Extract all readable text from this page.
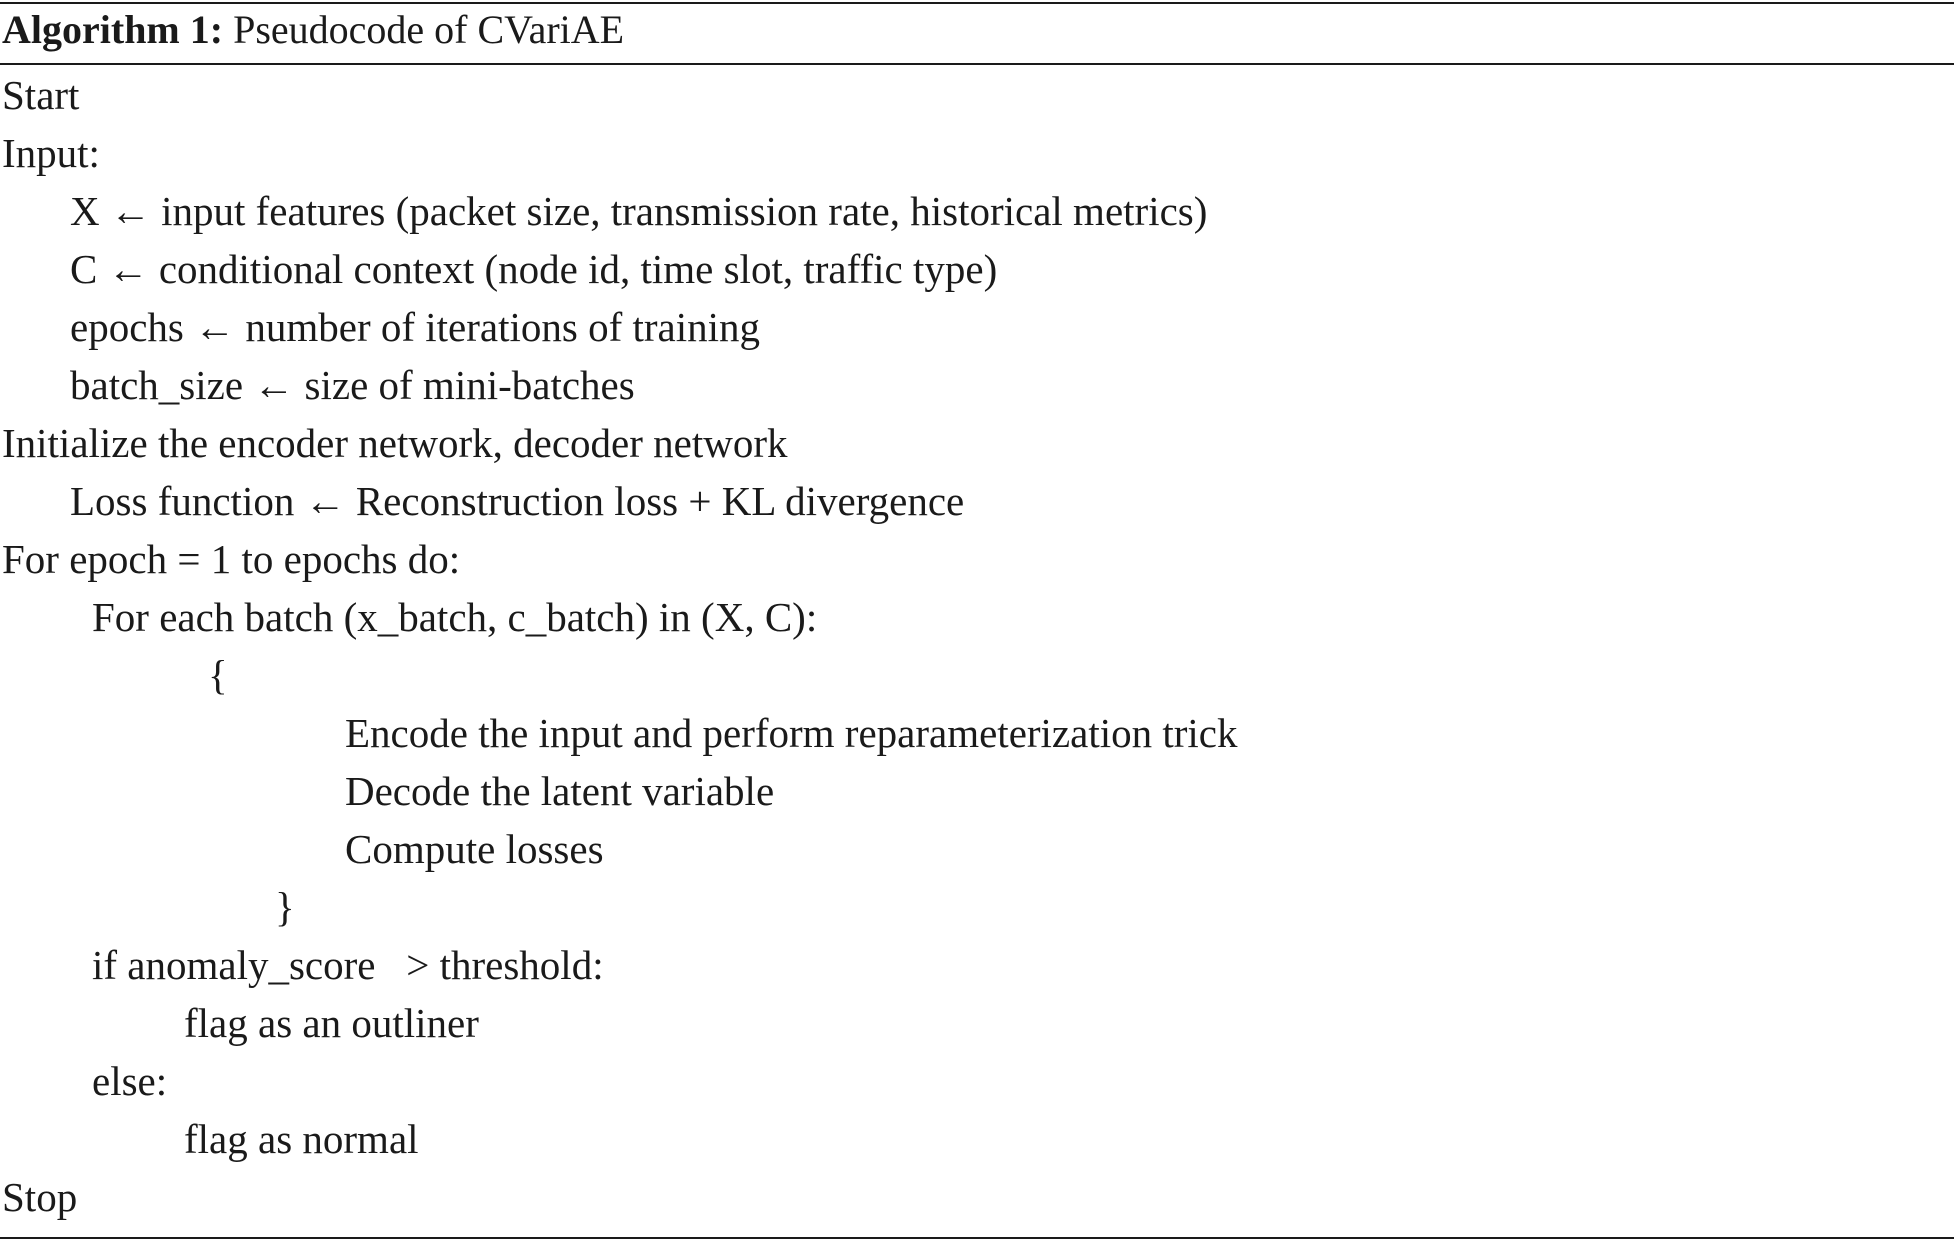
Algorithm 1: Pseudocode of CVariAE
Start
Input:
X ← input features (packet size, transmission rate, historical metrics)
C ← conditional context (node id, time slot, traffic type)
epochs ← number of iterations of training
batch_size ← size of mini-batches
Initialize the encoder network, decoder network
Loss function ← Reconstruction loss + KL divergence
For epoch = 1 to epochs do:
For each batch (x_batch, c_batch) in (X, C):
{
Encode the input and perform reparameterization trick
Decode the latent variable
Compute losses
}
if anomaly_score   > threshold:
flag as an outliner
else:
flag as normal
Stop
